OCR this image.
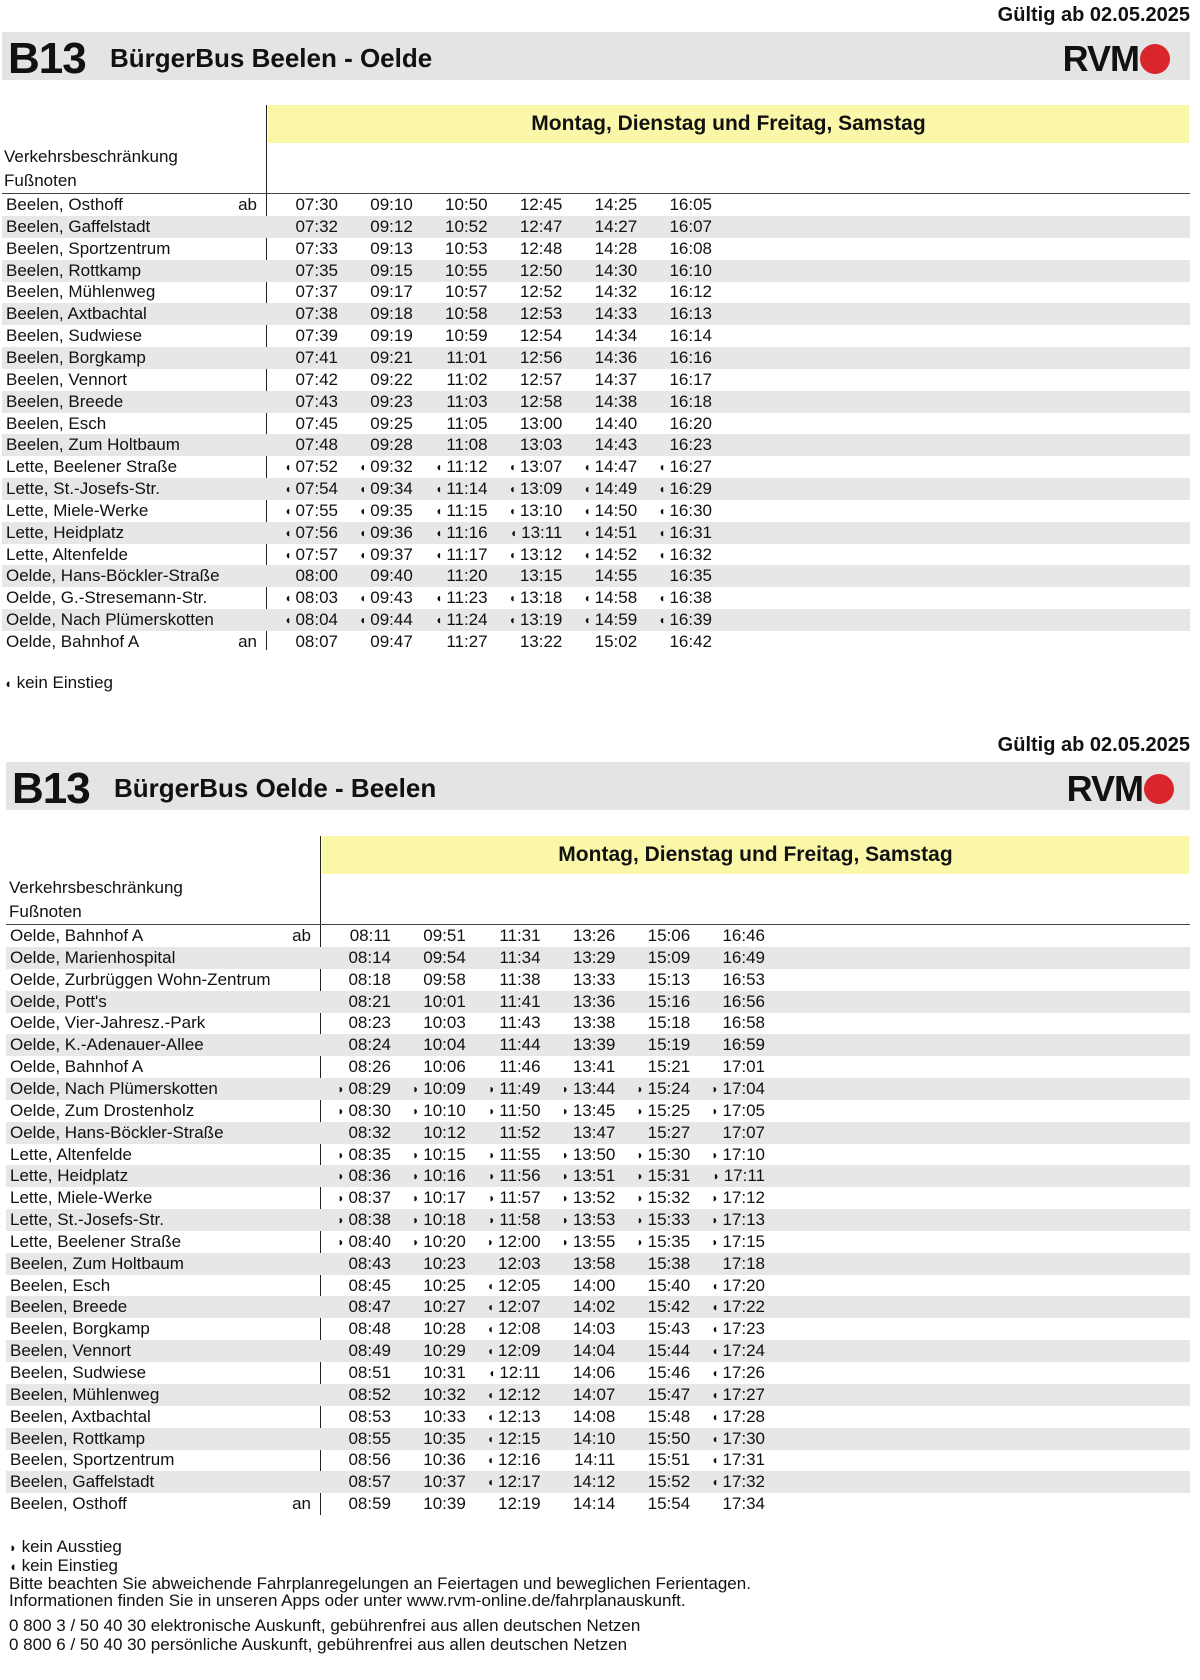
Gültig ab 02.05.2025
B13 BürgerBus Beelen - Oelde	RVM
Montag, Dienstag und Freitag, Samstag
Verkehrsbeschränkung
Fußnoten
Beelen, Osthoff	ab	07:30	09:10	10:50	12:45	14:25	16:05
Beelen, Gaffelstadt	07:32	09:12	10:52	12:47	14:27	16:07
Beelen, Sportzentrum	07:33	09:13	10:53	12:48	14:28	16:08
Beelen, Rottkamp	07:35	09:15	10:55	12:50	14:30	16:10
Beelen, Mühlenweg	07:37	09:17	10:57	12:52	14:32	16:12
Beelen, Axtbachtal	07:38	09:18	10:58	12:53	14:33	16:13
Beelen, Sudwiese	07:39	09:19	10:59	12:54	14:34	16:14
Beelen, Borgkamp	07:41	09:21	11:01	12:56	14:36	16:16
Beelen, Vennort	07:42	09:22	11:02	12:57	14:37	16:17
Beelen, Breede	07:43	09:23	11:03	12:58	14:38	16:18
Beelen, Esch	07:45	09:25	11:05	13:00	14:40	16:20
Beelen, Zum Holtbaum	07:48	09:28	11:08	13:03	14:43	16:23
Lette, Beelener Straße	◖ 07:52	◖ 09:32	◖ 11:12	◖ 13:07	◖ 14:47	◖ 16:27
Lette, St.-Josefs-Str.	◖ 07:54	◖ 09:34	◖ 11:14	◖ 13:09	◖ 14:49	◖ 16:29
Lette, Miele-Werke	◖ 07:55	◖ 09:35	◖ 11:15	◖ 13:10	◖ 14:50	◖ 16:30
Lette, Heidplatz	◖ 07:56	◖ 09:36	◖ 11:16	◖ 13:11	◖ 14:51	◖ 16:31
Lette, Altenfelde	◖ 07:57	◖ 09:37	◖ 11:17	◖ 13:12	◖ 14:52	◖ 16:32
Oelde, Hans-Böckler-Straße	08:00	09:40	11:20	13:15	14:55	16:35
Oelde, G.-Stresemann-Str.	◖ 08:03	◖ 09:43	◖ 11:23	◖ 13:18	◖ 14:58	◖ 16:38
Oelde, Nach Plümerskotten	◖ 08:04	◖ 09:44	◖ 11:24	◖ 13:19	◖ 14:59	◖ 16:39
Oelde, Bahnhof A	an	08:07	09:47	11:27	13:22	15:02	16:42
◖ kein Einstieg
Gültig ab 02.05.2025
B13 BürgerBus Oelde - Beelen	RVM
Montag, Dienstag und Freitag, Samstag
Verkehrsbeschränkung
Fußnoten
Oelde, Bahnhof A	ab	08:11	09:51	11:31	13:26	15:06	16:46
Oelde, Marienhospital	08:14	09:54	11:34	13:29	15:09	16:49
Oelde, Zurbrüggen Wohn-Zentrum	08:18	09:58	11:38	13:33	15:13	16:53
Oelde, Pott's	08:21	10:01	11:41	13:36	15:16	16:56
Oelde, Vier-Jahresz.-Park	08:23	10:03	11:43	13:38	15:18	16:58
Oelde, K.-Adenauer-Allee	08:24	10:04	11:44	13:39	15:19	16:59
Oelde, Bahnhof A	08:26	10:06	11:46	13:41	15:21	17:01
Oelde, Nach Plümerskotten	◗ 08:29	◗ 10:09	◗ 11:49	◗ 13:44	◗ 15:24	◗ 17:04
Oelde, Zum Drostenholz	◗ 08:30	◗ 10:10	◗ 11:50	◗ 13:45	◗ 15:25	◗ 17:05
Oelde, Hans-Böckler-Straße	08:32	10:12	11:52	13:47	15:27	17:07
Lette, Altenfelde	◗ 08:35	◗ 10:15	◗ 11:55	◗ 13:50	◗ 15:30	◗ 17:10
Lette, Heidplatz	◗ 08:36	◗ 10:16	◗ 11:56	◗ 13:51	◗ 15:31	◗ 17:11
Lette, Miele-Werke	◗ 08:37	◗ 10:17	◗ 11:57	◗ 13:52	◗ 15:32	◗ 17:12
Lette, St.-Josefs-Str.	◗ 08:38	◗ 10:18	◗ 11:58	◗ 13:53	◗ 15:33	◗ 17:13
Lette, Beelener Straße	◗ 08:40	◗ 10:20	◗ 12:00	◗ 13:55	◗ 15:35	◗ 17:15
Beelen, Zum Holtbaum	08:43	10:23	12:03	13:58	15:38	17:18
Beelen, Esch	08:45	10:25	◖ 12:05	14:00	15:40	◖ 17:20
Beelen, Breede	08:47	10:27	◖ 12:07	14:02	15:42	◖ 17:22
Beelen, Borgkamp	08:48	10:28	◖ 12:08	14:03	15:43	◖ 17:23
Beelen, Vennort	08:49	10:29	◖ 12:09	14:04	15:44	◖ 17:24
Beelen, Sudwiese	08:51	10:31	◖ 12:11	14:06	15:46	◖ 17:26
Beelen, Mühlenweg	08:52	10:32	◖ 12:12	14:07	15:47	◖ 17:27
Beelen, Axtbachtal	08:53	10:33	◖ 12:13	14:08	15:48	◖ 17:28
Beelen, Rottkamp	08:55	10:35	◖ 12:15	14:10	15:50	◖ 17:30
Beelen, Sportzentrum	08:56	10:36	◖ 12:16	14:11	15:51	◖ 17:31
Beelen, Gaffelstadt	08:57	10:37	◖ 12:17	14:12	15:52	◖ 17:32
Beelen, Osthoff	an	08:59	10:39	12:19	14:14	15:54	17:34
◗ kein Ausstieg
◖ kein Einstieg
Bitte beachten Sie abweichende Fahrplanregelungen an Feiertagen und beweglichen Ferientagen.
Informationen finden Sie in unseren Apps oder unter www.rvm-online.de/fahrplanauskunft.
0 800 3 / 50 40 30 elektronische Auskunft, gebührenfrei aus allen deutschen Netzen
0 800 6 / 50 40 30 persönliche Auskunft, gebührenfrei aus allen deutschen Netzen
